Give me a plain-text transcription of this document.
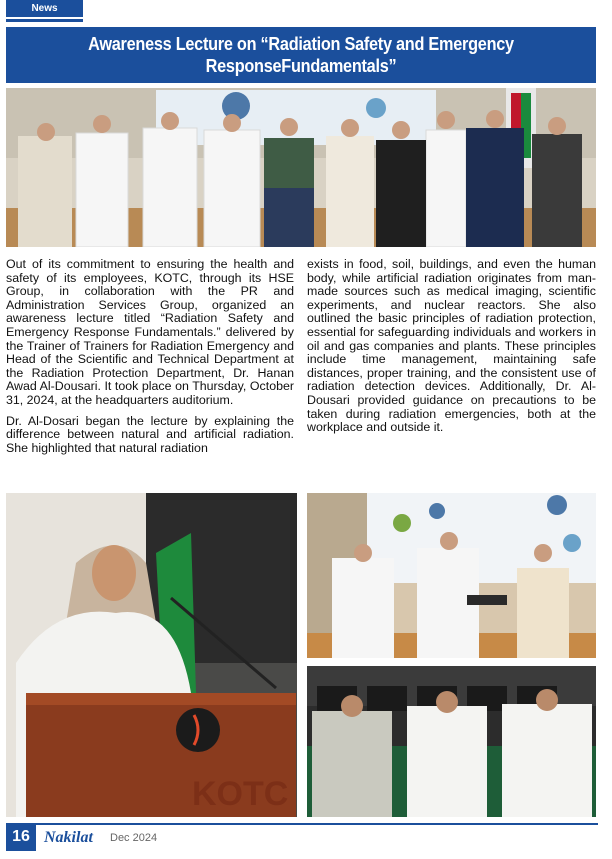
News
Awareness Lecture on “Radiation Safety and Emergency
ResponseFundamentals”

Out of its commitment to ensuring the health and safety of its employees, KOTC, through its HSE Group, in collaboration with the PR and Administration Services Group, organized an awareness lecture titled “Radiation Safety and Emergency Response Fundamentals.” delivered by the Trainer of Trainers for Radiation Emergency and Head of the Scientific and Technical Department at the Radiation Protection Department, Dr. Hanan Awad Al-Dousari. It took place on Thursday, October 31, 2024, at the headquarters auditorium.

Dr. Al-Dosari began the lecture by explaining the difference between natural and artificial radiation. She highlighted that natural radiation

exists in food, soil, buildings, and even the human body, while artificial radiation originates from man-made sources such as medical imaging, scientific experiments, and nuclear reactors. She also outlined the basic principles of radiation protection, essential for safeguarding individuals and workers in oil and gas companies and plants. These principles include time management, maintaining safe distances, proper training, and the consistent use of radiation detection devices. Additionally, Dr. Al-Dousari provided guidance on precautions to be taken during radiation emergencies, both at the workplace and outside it.

KOTC
16 Nakilat Dec 2024
